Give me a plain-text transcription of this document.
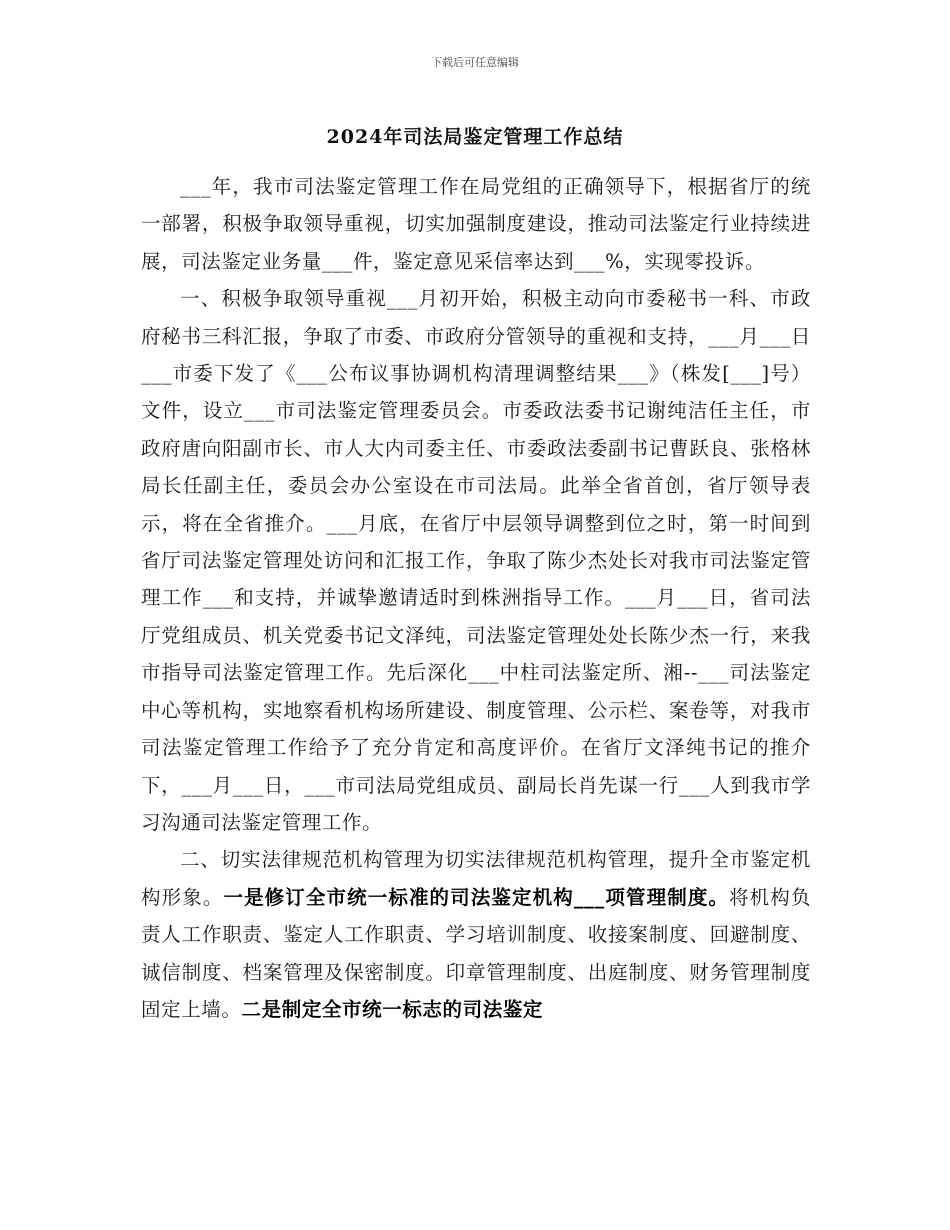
下载后可任意编辑
2024年司法局鉴定管理工作总结

___年，我市司法鉴定管理工作在局党组的正确领导下，根据省厅的统一部署，积极争取领导重视，切实加强制度建设，推动司法鉴定行业持续进展，司法鉴定业务量___件，鉴定意见采信率达到___%，实现零投诉。

一、积极争取领导重视___月初开始，积极主动向市委秘书一科、市政府秘书三科汇报，争取了市委、市政府分管领导的重视和支持，___月___日___市委下发了《___公布议事协调机构清理调整结果___》（株发[___]号）文件，设立___市司法鉴定管理委员会。市委政法委书记谢纯洁任主任，市政府唐向阳副市长、市人大内司委主任、市委政法委副书记曹跃良、张格林局长任副主任，委员会办公室设在市司法局。此举全省首创，省厅领导表示，将在全省推介。___月底，在省厅中层领导调整到位之时，第一时间到省厅司法鉴定管理处访问和汇报工作，争取了陈少杰处长对我市司法鉴定管理工作___和支持，并诚挚邀请适时到株洲指导工作。___月___日，省司法厅党组成员、机关党委书记文泽纯，司法鉴定管理处处长陈少杰一行，来我市指导司法鉴定管理工作。先后深化___中柱司法鉴定所、湘--___司法鉴定中心等机构，实地察看机构场所建设、制度管理、公示栏、案卷等，对我市司法鉴定管理工作给予了充分肯定和高度评价。在省厅文泽纯书记的推介下，___月___日，___市司法局党组成员、副局长肖先谋一行___人到我市学习沟通司法鉴定管理工作。

二、切实法律规范机构管理为切实法律规范机构管理，提升全市鉴定机构形象。一是修订全市统一标准的司法鉴定机构___项管理制度。将机构负责人工作职责、鉴定人工作职责、学习培训制度、收接案制度、回避制度、诚信制度、档案管理及保密制度。印章管理制度、出庭制度、财务管理制度固定上墙。二是制定全市统一标志的司法鉴定
